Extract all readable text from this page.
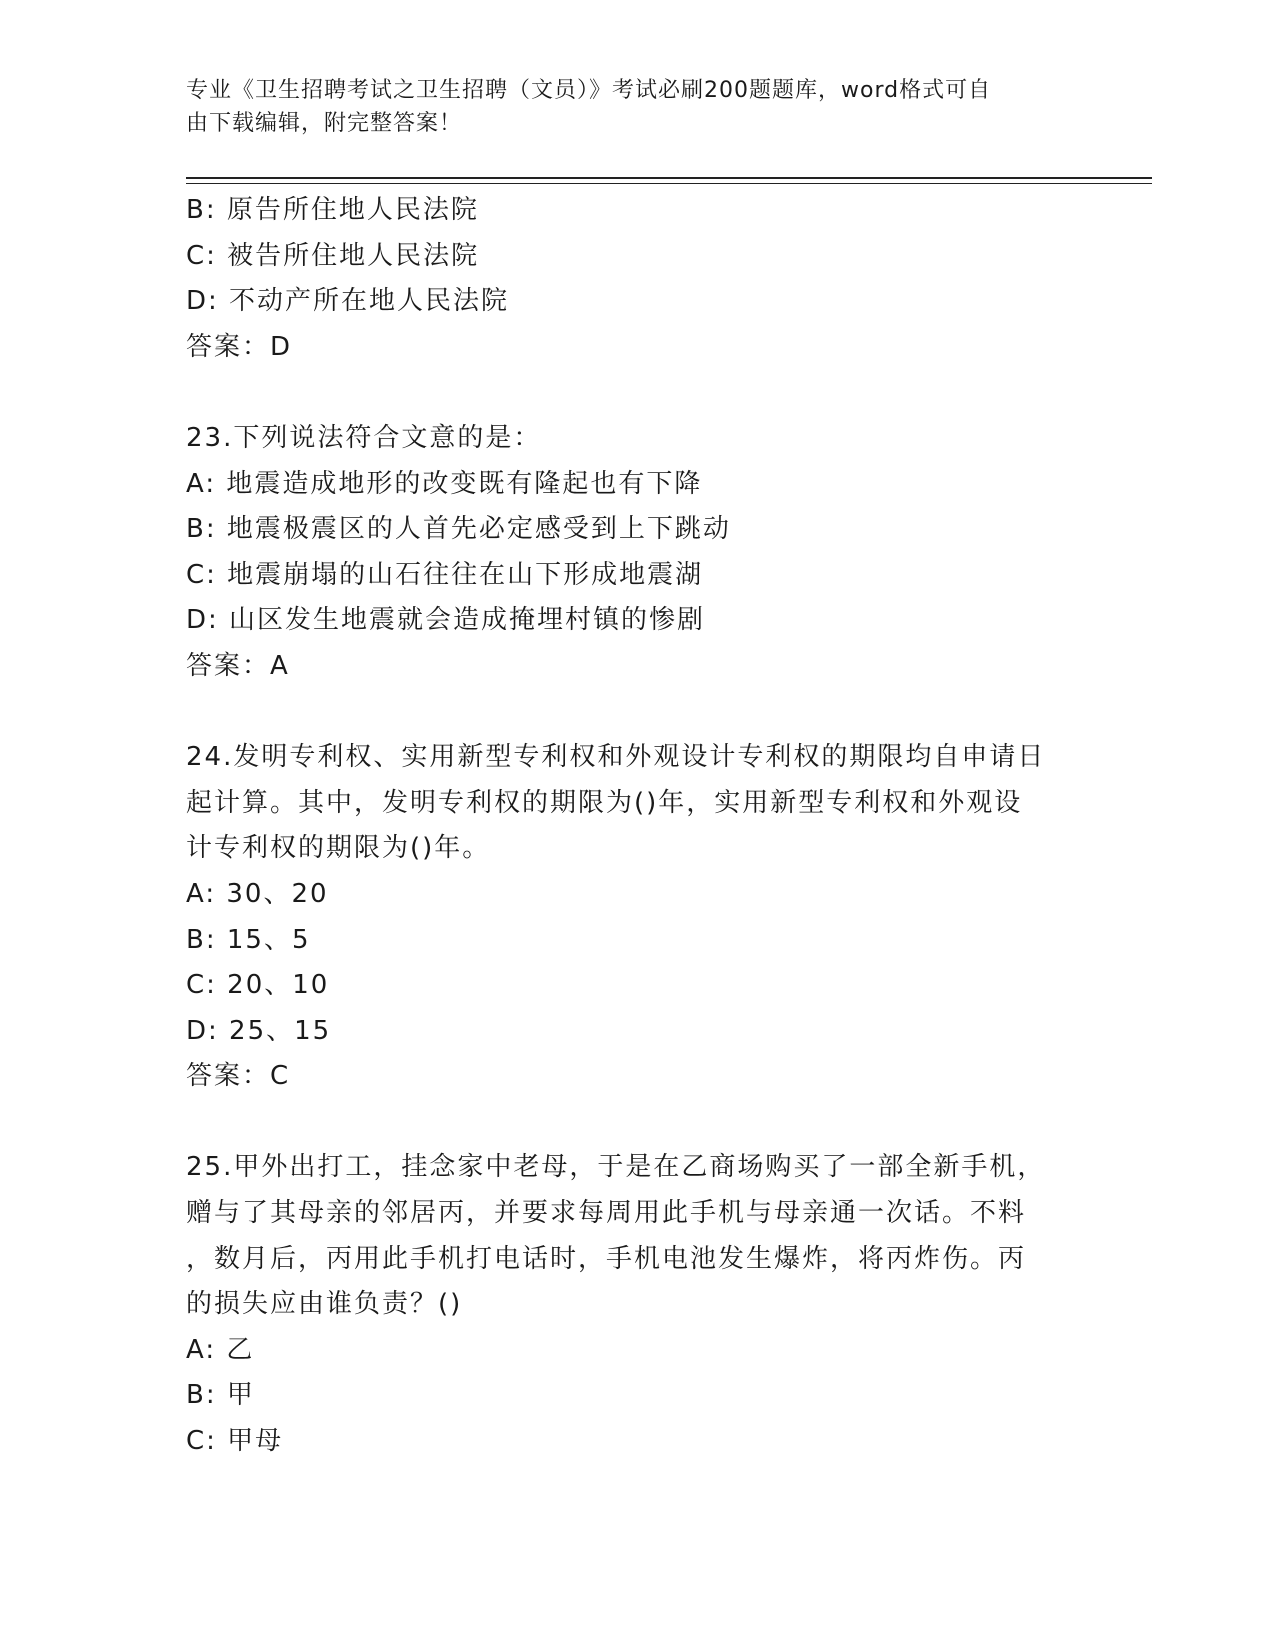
专业《卫生招聘考试之卫生招聘（文员）》考试必刷200题题库，word格式可自
由下载编辑，附完整答案！
B: 原告所住地人民法院
C: 被告所住地人民法院
D: 不动产所在地人民法院
答案：D
23.下列说法符合文意的是：
A: 地震造成地形的改变既有隆起也有下降
B: 地震极震区的人首先必定感受到上下跳动
C: 地震崩塌的山石往往在山下形成地震湖
D: 山区发生地震就会造成掩埋村镇的惨剧
答案：A
24.发明专利权、实用新型专利权和外观设计专利权的期限均自申请日
起计算。其中，发明专利权的期限为()年，实用新型专利权和外观设
计专利权的期限为()年。
A: 30、20
B: 15、5
C: 20、10
D: 25、15
答案：C
25.甲外出打工，挂念家中老母，于是在乙商场购买了一部全新手机，
赠与了其母亲的邻居丙，并要求每周用此手机与母亲通一次话。不料
，数月后，丙用此手机打电话时，手机电池发生爆炸，将丙炸伤。丙
的损失应由谁负责？()
A: 乙
B: 甲
C: 甲母
